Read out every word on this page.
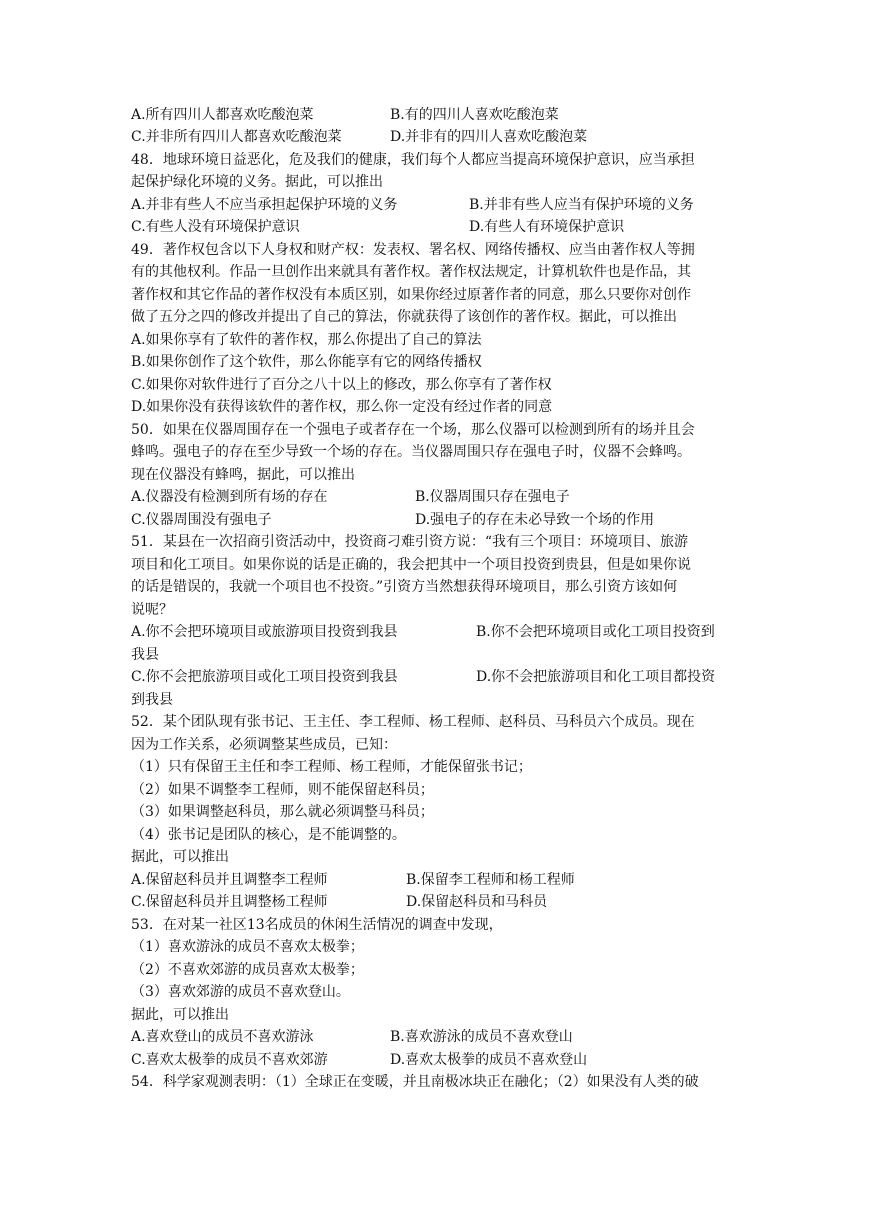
A.所有四川人都喜欢吃酸泡菜	B.有的四川人喜欢吃酸泡菜
C.并非所有四川人都喜欢吃酸泡菜	D.并非有的四川人喜欢吃酸泡菜
48．地球环境日益恶化，危及我们的健康，我们每个人都应当提高环境保护意识，应当承担
起保护绿化环境的义务。据此，可以推出
A.并非有些人不应当承担起保护环境的义务	B.并非有些人应当有保护环境的义务
C.有些人没有环境保护意识	D.有些人有环境保护意识
49．著作权包含以下人身权和财产权：发表权、署名权、网络传播权、应当由著作权人等拥
有的其他权利。作品一旦创作出来就具有著作权。著作权法规定，计算机软件也是作品，其
著作权和其它作品的著作权没有本质区别，如果你经过原著作者的同意，那么只要你对创作
做了五分之四的修改并提出了自己的算法，你就获得了该创作的著作权。据此，可以推出
A.如果你享有了软件的著作权，那么你提出了自己的算法
B.如果你创作了这个软件，那么你能享有它的网络传播权
C.如果你对软件进行了百分之八十以上的修改，那么你享有了著作权
D.如果你没有获得该软件的著作权，那么你一定没有经过作者的同意
50．如果在仪器周围存在一个强电子或者存在一个场，那么仪器可以检测到所有的场并且会
蜂鸣。强电子的存在至少导致一个场的存在。当仪器周围只存在强电子时，仪器不会蜂鸣。
现在仪器没有蜂鸣，据此，可以推出
A.仪器没有检测到所有场的存在	B.仪器周围只存在强电子
C.仪器周围没有强电子	D.强电子的存在未必导致一个场的作用
51．某县在一次招商引资活动中，投资商刁难引资方说：“我有三个项目：环境项目、旅游
项目和化工项目。如果你说的话是正确的，我会把其中一个项目投资到贵县，但是如果你说
的话是错误的，我就一个项目也不投资。”引资方当然想获得环境项目，那么引资方该如何
说呢？
A.你不会把环境项目或旅游项目投资到我县	B.你不会把环境项目或化工项目投资到
我县
C.你不会把旅游项目或化工项目投资到我县	D.你不会把旅游项目和化工项目都投资
到我县
52．某个团队现有张书记、王主任、李工程师、杨工程师、赵科员、马科员六个成员。现在
因为工作关系，必须调整某些成员，已知：
（1）只有保留王主任和李工程师、杨工程师，才能保留张书记；
（2）如果不调整李工程师，则不能保留赵科员；
（3）如果调整赵科员，那么就必须调整马科员；
（4）张书记是团队的核心，是不能调整的。
据此，可以推出
A.保留赵科员并且调整李工程师	B.保留李工程师和杨工程师
C.保留赵科员并且调整杨工程师	D.保留赵科员和马科员
53．在对某一社区13名成员的休闲生活情况的调查中发现，
（1）喜欢游泳的成员不喜欢太极拳；
（2）不喜欢郊游的成员喜欢太极拳；
（3）喜欢郊游的成员不喜欢登山。
据此，可以推出
A.喜欢登山的成员不喜欢游泳	B.喜欢游泳的成员不喜欢登山
C.喜欢太极拳的成员不喜欢郊游	D.喜欢太极拳的成员不喜欢登山
54．科学家观测表明：（1）全球正在变暖，并且南极冰块正在融化；（2）如果没有人类的破
